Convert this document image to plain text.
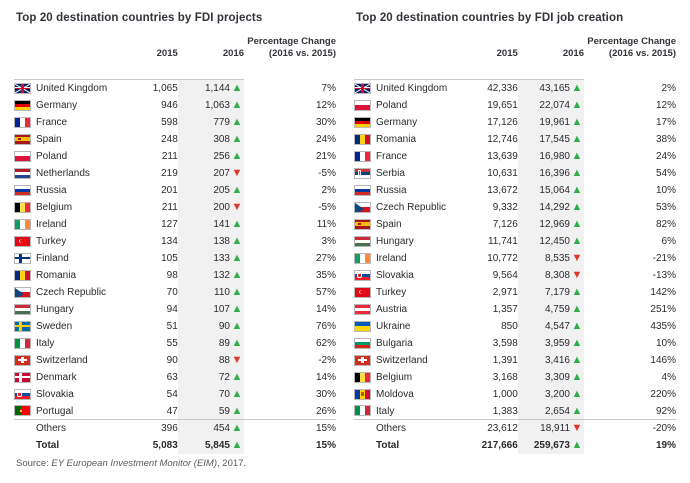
Top 20 destination countries by FDI projects
		2015	2016		Percentage Change
(2016 vs. 2015)

	United Kingdom	1,065	1,144	▲	7%

	Germany	946	1,063	▲	12%

	France	598	779	▲	30%

	Spain	248	308	▲	24%

	Poland	211	256	▲	21%

	Netherlands	219	207	▼	-5%

	Russia	201	205	▲	2%

	Belgium	211	200	▼	-5%

	Ireland	127	141	▲	11%

	Turkey	134	138	▲	3%

	Finland	105	133	▲	27%

	Romania	98	132	▲	35%

	Czech Republic	70	110	▲	57%

	Hungary	94	107	▲	14%

	Sweden	51	90	▲	76%

	Italy	55	89	▲	62%

	Switzerland	90	88	▼	-2%

	Denmark	63	72	▲	14%

	Slovakia	54	70	▲	30%

	Portugal	47	59	▲	26%
	Others	396	454	▲	15%
	Total	5,083	5,845	▲	15%
Top 20 destination countries by FDI job creation
		2015	2016		Percentage Change
(2016 vs. 2015)

	United Kingdom	42,336	43,165	▲	2%

	Poland	19,651	22,074	▲	12%

	Germany	17,126	19,961	▲	17%

	Romania	12,746	17,545	▲	38%

	France	13,639	16,980	▲	24%

	Serbia	10,631	16,396	▲	54%

	Russia	13,672	15,064	▲	10%

	Czech Republic	9,332	14,292	▲	53%

	Spain	7,126	12,969	▲	82%

	Hungary	11,741	12,450	▲	6%

	Ireland	10,772	8,535	▼	-21%

	Slovakia	9,564	8,308	▼	-13%

	Turkey	2,971	7,179	▲	142%

	Austria	1,357	4,759	▲	251%

	Ukraine	850	4,547	▲	435%

	Bulgaria	3,598	3,959	▲	10%

	Switzerland	1,391	3,416	▲	146%

	Belgium	3,168	3,309	▲	4%

	Moldova	1,000	3,200	▲	220%

	Italy	1,383	2,654	▲	92%
	Others	23,612	18,911	▼	-20%
	Total	217,666	259,673	▲	19%
Source: EY European Investment Monitor (EIM), 2017.
